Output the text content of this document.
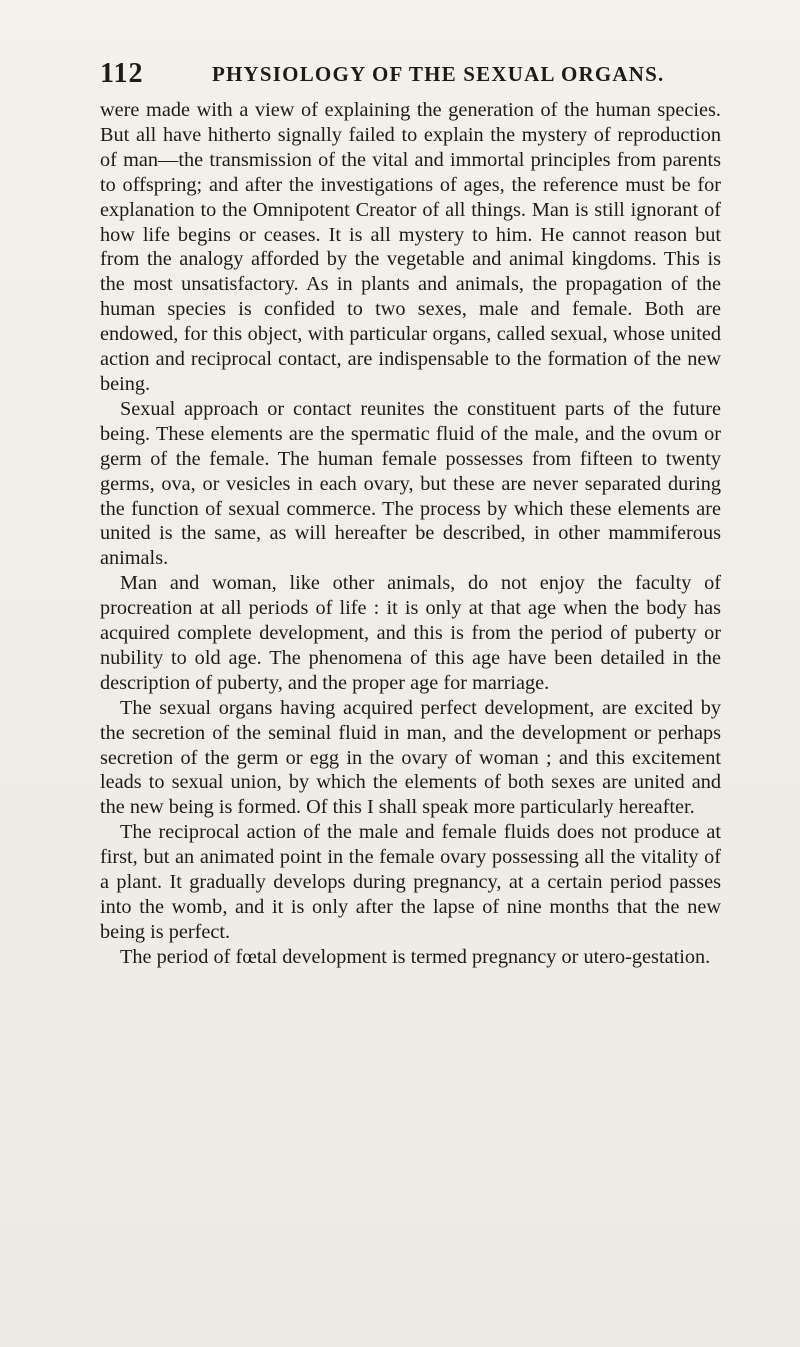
112	PHYSIOLOGY OF THE SEXUAL ORGANS.

were made with a view of explaining the generation of the human species. But all have hitherto signally failed to explain the mystery of reproduction of man—the transmission of the vital and immortal principles from parents to offspring; and after the investigations of ages, the reference must be for explanation to the Omnipotent Creator of all things. Man is still ignorant of how life begins or ceases. It is all mystery to him. He cannot reason but from the analogy afforded by the vegetable and animal kingdoms. This is the most unsatisfactory. As in plants and animals, the propagation of the human species is confided to two sexes, male and female. Both are endowed, for this object, with particular organs, called sexual, whose united action and reciprocal contact, are indispensable to the formation of the new being.

Sexual approach or contact reunites the constituent parts of the future being. These elements are the spermatic fluid of the male, and the ovum or germ of the female. The human female possesses from fifteen to twenty germs, ova, or vesicles in each ovary, but these are never separated during the function of sexual commerce. The process by which these elements are united is the same, as will hereafter be described, in other mammiferous animals.

Man and woman, like other animals, do not enjoy the faculty of procreation at all periods of life : it is only at that age when the body has acquired complete development, and this is from the period of puberty or nubility to old age. The phenomena of this age have been detailed in the description of puberty, and the proper age for marriage.

The sexual organs having acquired perfect development, are excited by the secretion of the seminal fluid in man, and the development or perhaps secretion of the germ or egg in the ovary of woman ; and this excitement leads to sexual union, by which the elements of both sexes are united and the new being is formed. Of this I shall speak more particularly hereafter.

The reciprocal action of the male and female fluids does not produce at first, but an animated point in the female ovary possessing all the vitality of a plant. It gradually develops during pregnancy, at a certain period passes into the womb, and it is only after the lapse of nine months that the new being is perfect.

The period of fœtal development is termed pregnancy or utero-gestation.
